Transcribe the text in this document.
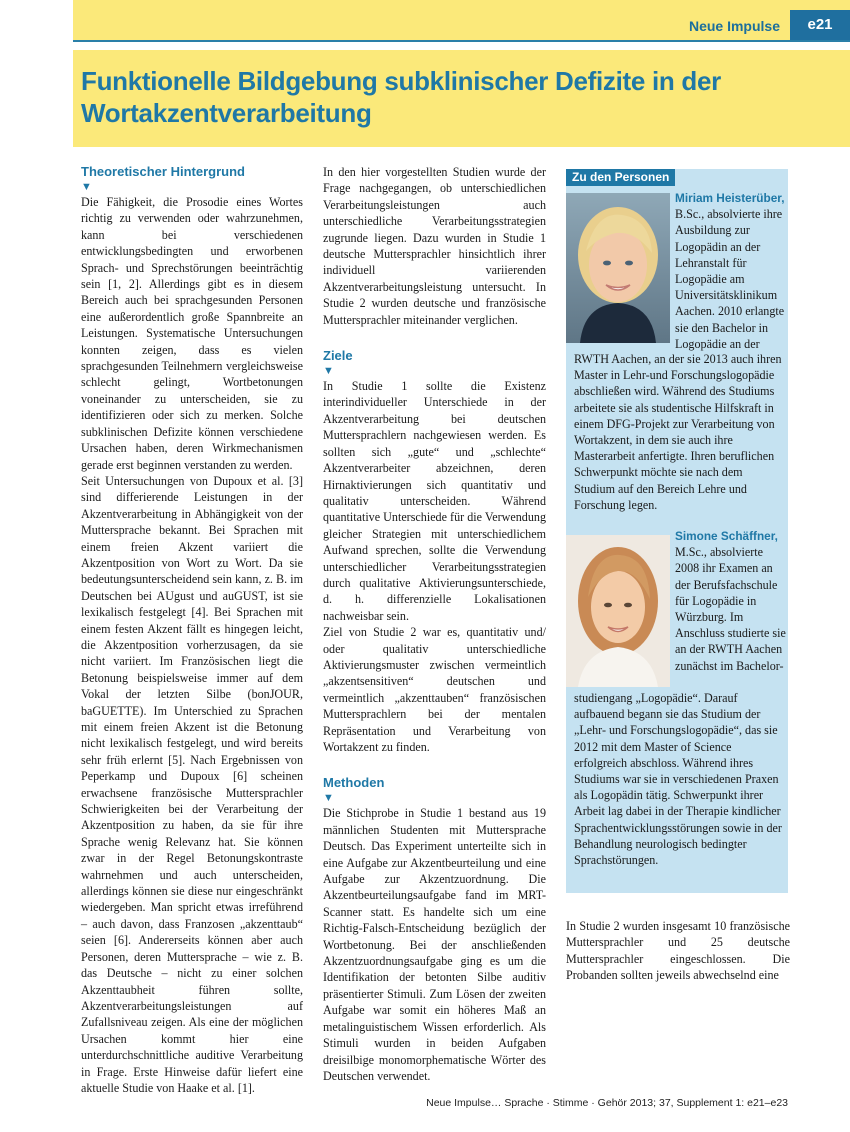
Neue Impulse	e21
Funktionelle Bildgebung subklinischer Defizite in der Wortakzentverarbeitung

Theoretischer Hintergrund

▼

Die Fähigkeit, die Prosodie eines Wortes richtig zu verwenden oder wahrzunehmen, kann bei verschiedenen entwicklungsbedingten und erworbenen Sprach- und Sprechstörungen beeinträchtig sein [1, 2]. Allerdings gibt es in diesem Bereich auch bei sprachgesunden Personen eine außerordentlich große Spannbreite an Leistungen. Systematische Untersuchungen konnten zeigen, dass es vielen sprachgesunden Teilnehmern vergleichsweise schlecht gelingt, Wortbetonungen voneinander zu unterscheiden, sie zu identifizieren oder sich zu merken. Solche subklinischen Defizite können verschiedene Ursachen haben, deren Wirkmechanismen gerade erst beginnen verstanden zu werden.

Seit Untersuchungen von Dupoux et al. [3] sind differierende Leistungen in der Akzentverarbeitung in Abhängigkeit von der Muttersprache bekannt. Bei Sprachen mit einem freien Akzent variiert die Akzentposition von Wort zu Wort. Da sie bedeutungsunterscheidend sein kann, z. B. im Deutschen bei AUgust und auGUST, ist sie lexikalisch festgelegt [4]. Bei Sprachen mit einem festen Akzent fällt es hingegen leicht, die Akzentposition vorherzusagen, da sie nicht variiert. Im Französischen liegt die Betonung beispielsweise immer auf dem Vokal der letzten Silbe (bonJOUR, baGUETTE). Im Unterschied zu Sprachen mit einem freien Akzent ist die Betonung nicht lexikalisch festgelegt, und wird bereits sehr früh erlernt [5]. Nach Ergebnissen von Peperkamp und Dupoux [6] scheinen erwachsene französische Muttersprachler Schwierigkeiten bei der Verarbeitung der Akzentposition zu haben, da sie für ihre Sprache wenig Relevanz hat. Sie können zwar in der Regel Betonungskontraste wahrnehmen und auch unterscheiden, allerdings können sie diese nur eingeschränkt wiedergeben. Man spricht etwas irreführend – auch davon, dass Franzosen „akzenttaub“ seien [6]. Andererseits können aber auch Personen, deren Muttersprache – wie z. B. das Deutsche – nicht zu einer solchen Akzenttaubheit führen sollte, Akzentverarbeitungsleistungen auf Zufallsniveau zeigen. Als eine der möglichen Ursachen kommt hier eine unterdurchschnittliche auditive Verarbeitung in Frage. Erste Hinweise dafür liefert eine aktuelle Studie von Haake et al. [1].

In den hier vorgestellten Studien wurde der Frage nachgegangen, ob unterschiedlichen Verarbeitungsleistungen auch unterschiedliche Verarbeitungsstrategien zugrunde liegen. Dazu wurden in Studie 1 deutsche Muttersprachler hinsichtlich ihrer individuell variierenden Akzentverarbeitungsleistung untersucht. In Studie 2 wurden deutsche und französische Muttersprachler miteinander verglichen.

Ziele

▼

In Studie 1 sollte die Existenz interindividueller Unterschiede in der Akzentverarbeitung bei deutschen Muttersprachlern nachgewiesen werden. Es sollten sich „gute“ und „schlechte“ Akzentverarbeiter abzeichnen, deren Hirnaktivierungen sich quantitativ und qualitativ unterscheiden. Während quantitative Unterschiede für die Verwendung gleicher Strategien mit unterschiedlichem Aufwand sprechen, sollte die Verwendung unterschiedlicher Verarbeitungsstrategien durch qualitative Aktivierungsunterschiede, d. h. differenzielle Lokalisationen nachweisbar sein.

Ziel von Studie 2 war es, quantitativ und/ oder qualitativ unterschiedliche Aktivierungsmuster zwischen vermeintlich „akzentsensitiven“ deutschen und vermeintlich „akzenttauben“ französischen Muttersprachlern bei der mentalen Repräsentation und Verarbeitung von Wortakzent zu finden.

Methoden

▼

Die Stichprobe in Studie 1 bestand aus 19 männlichen Studenten mit Muttersprache Deutsch. Das Experiment unterteilte sich in eine Aufgabe zur Akzentbeurteilung und eine Aufgabe zur Akzentzuordnung. Die Akzentbeurteilungsaufgabe fand im MRT-Scanner statt. Es handelte sich um eine Richtig-Falsch-Entscheidung bezüglich der Wortbetonung. Bei der anschließenden Akzentzuordnungsaufgabe ging es um die Identifikation der betonten Silbe auditiv präsentierter Stimuli. Zum Lösen der zweiten Aufgabe war somit ein höheres Maß an metalinguistischem Wissen erforderlich. Als Stimuli wurden in beiden Aufgaben dreisilbige monomorphematische Wörter des Deutschen verwendet.

Zu den Personen

Miriam Heisterüber,

B.Sc., absolvierte ihre Ausbildung zur Logopädin an der Lehranstalt für Logopädie am Universitätsklinikum Aachen. 2010 erlangte sie den Bachelor in Logopädie an der

RWTH Aachen, an der sie 2013 auch ihren Master in Lehr-und Forschungslogopädie abschließen wird. Während des Studiums arbeitete sie als studentische Hilfskraft in einem DFG-Projekt zur Verarbeitung von Wortakzent, in dem sie auch ihre Masterarbeit anfertigte. Ihren beruflichen Schwerpunkt möchte sie nach dem Studium auf den Bereich Lehre und Forschung legen.

Simone Schäffner,

M.Sc., absolvierte 2008 ihr Examen an der Berufsfachschule für Logopädie in Würzburg. Im Anschluss studierte sie an der RWTH Aachen zunächst im Bachelor-

studiengang „Logopädie“. Darauf aufbauend begann sie das Studium der „Lehr- und Forschungslogopädie“, das sie 2012 mit dem Master of Science erfolgreich abschloss. Während ihres Studiums war sie in verschiedenen Praxen als Logopädin tätig. Schwerpunkt ihrer Arbeit lag dabei in der Therapie kindlicher Sprachentwicklungsstörungen sowie in der Behandlung neurologisch bedingter Sprachstörungen.

In Studie 2 wurden insgesamt 10 französische Muttersprachler und 25 deutsche Muttersprachler eingeschlossen. Die Probanden sollten jeweils abwechselnd eine

Neue Impulse… Sprache · Stimme · Gehör 2013; 37, Supplement 1: e21–e23
